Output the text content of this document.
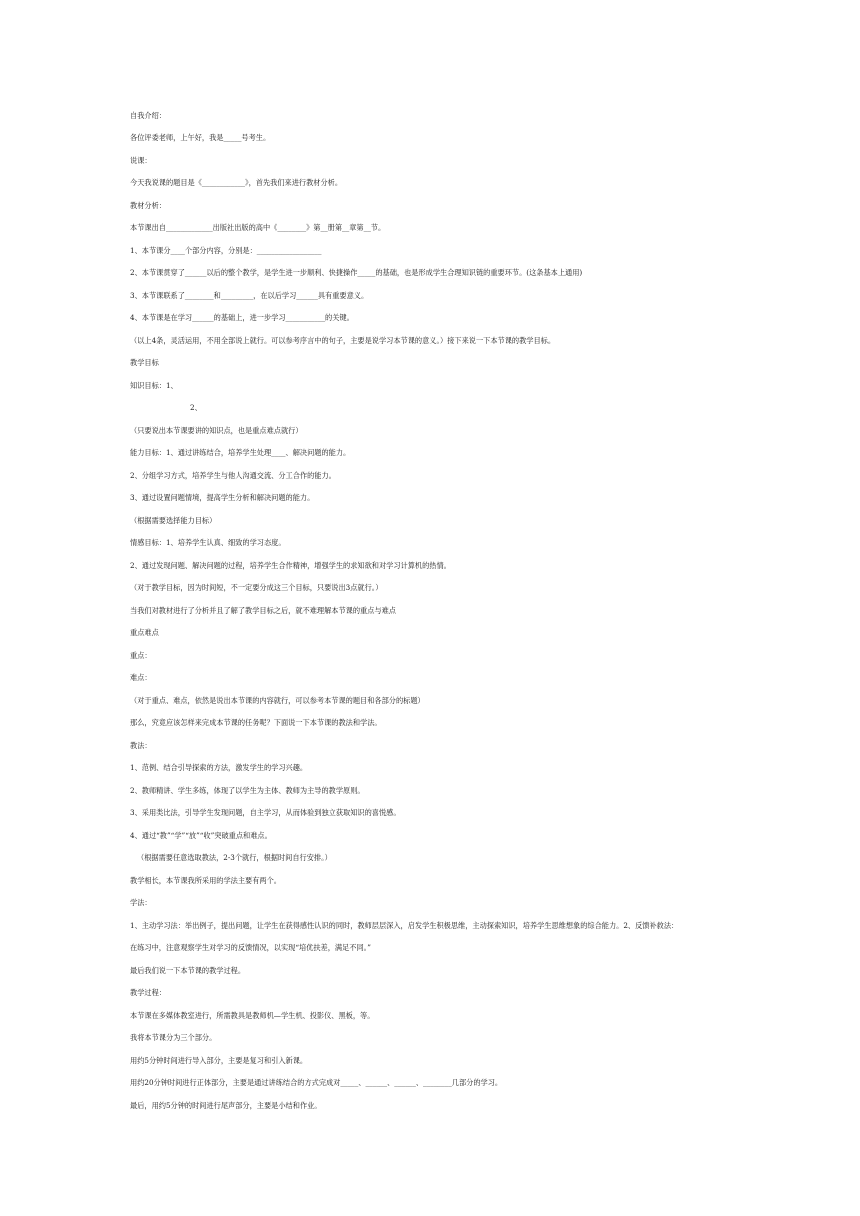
自我介绍：
各位评委老师，上午好，我是_____号考生。
说课：
今天我说课的题目是《____________》，首先我们来进行教材分析。
教材分析：
本节课出自_____________出版社出版的高中《________》第__册第__章第__节。
1、本节课分____个部分内容，分别是：__________________
2、本节课贯穿了______以后的整个教学，是学生进一步顺利、快捷操作_____的基础，也是形成学生合理知识链的重要环节。(这条基本上通用)
3、本节课联系了________和_________，在以后学习______具有重要意义。
4、本节课是在学习______的基础上，进一步学习___________的关键。
（以上4条，灵活运用，不用全部说上就行。可以参考序言中的句子，主要是说学习本节课的意义。）接下来说一下本节课的教学目标。
教学目标
知识目标：1、
2、
（只要说出本节课要讲的知识点，也是重点难点就行）
能力目标：1、通过讲练结合，培养学生处理____、解决问题的能力。
2、分组学习方式，培养学生与他人沟通交流、分工合作的能力。
3、通过设置问题情境，提高学生分析和解决问题的能力。
（根据需要选择能力目标）
情感目标：1、培养学生认真、细致的学习态度。
2、通过发现问题、解决问题的过程，培养学生合作精神，增强学生的求知欲和对学习计算机的热情。
（对于教学目标，因为时间短，不一定要分成这三个目标，只要说出3点就行。）
当我们对教材进行了分析并且了解了教学目标之后，就不难理解本节课的重点与难点
重点难点
重点：
难点：
（对于重点、难点，依然是说出本节课的内容就行，可以参考本节课的题目和各部分的标题）
那么，究竟应该怎样来完成本节课的任务呢？下面说一下本节课的教法和学法。
教法：
1、范例、结合引导探索的方法，激发学生的学习兴趣。
2、教师精讲、学生多练，体现了以学生为主体、教师为主导的教学原则。
3、采用类比法，引导学生发现问题，自主学习，从而体验到独立获取知识的喜悦感。
4、通过“教”“学”“放”“收”突破重点和难点。
（根据需要任意选取教法，2-3个就行，根据时间自行安排。）
教学相长，本节课我所采用的学法主要有两个。
学法：
1、主动学习法：举出例子，提出问题，让学生在获得感性认识的同时，教师层层深入，启发学生积极思维，主动探索知识，培养学生思维想象的综合能力。2、反馈补救法：
在练习中，注意观察学生对学习的反馈情况，以实现“培优扶差，满足不同。”
最后我们说一下本节课的教学过程。
教学过程：
本节课在多媒体教室进行，所需教具是教师机—学生机、投影仪、黑板，等。
我将本节课分为三个部分。
用约5分钟时间进行导入部分，主要是复习和引入新课。
用约20分钟时间进行正体部分，主要是通过讲练结合的方式完成对_____、______、______、________几部分的学习。
最后，用约5分钟的时间进行尾声部分，主要是小结和作业。
